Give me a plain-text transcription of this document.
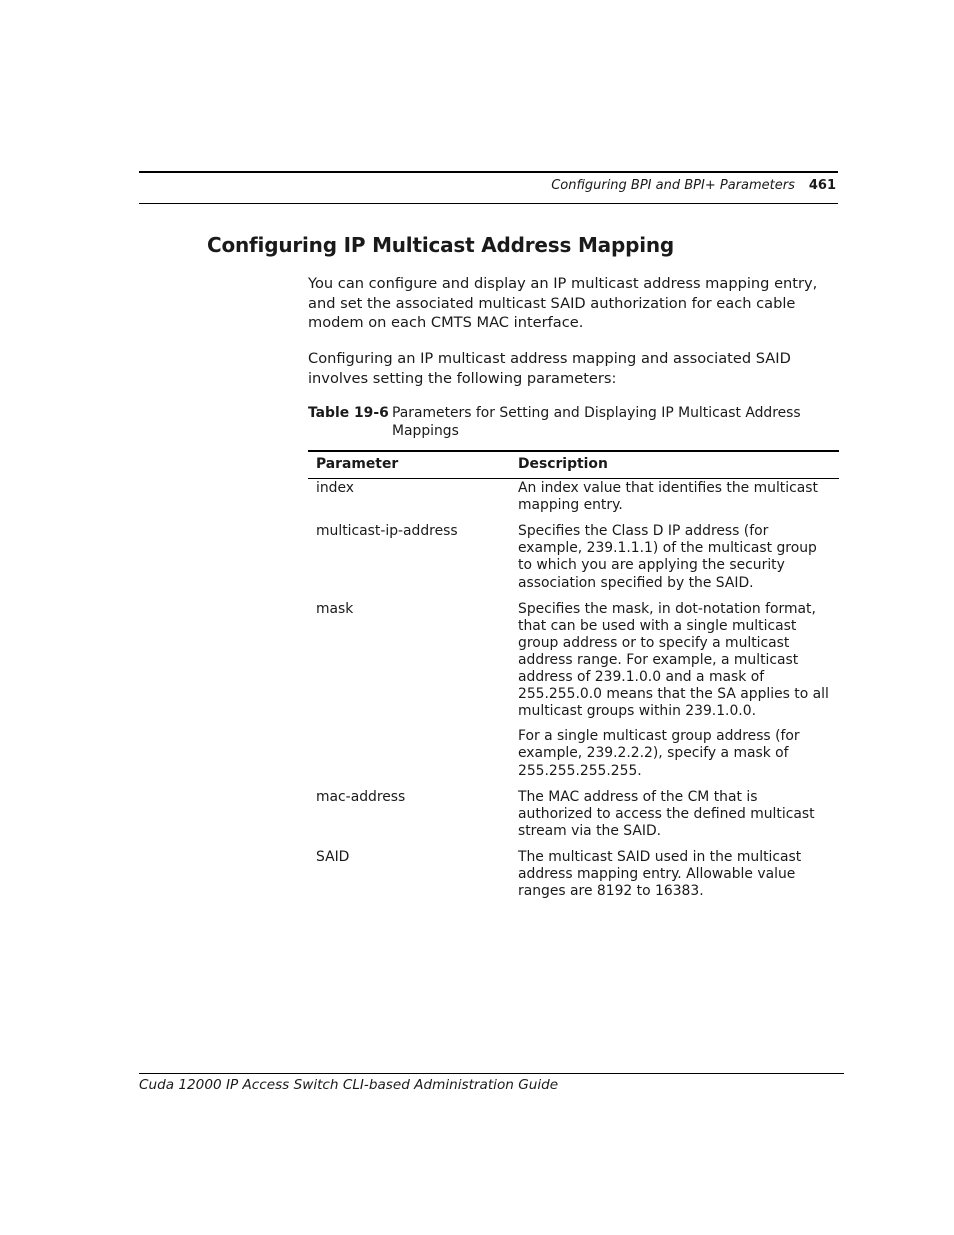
Configuring BPI and BPI+ Parameters 461
Configuring IP Multicast Address Mapping

You can configure and display an IP multicast address mapping entry, and set the associated multicast SAID authorization for each cable modem on each CMTS MAC interface.

Configuring an IP multicast address mapping and associated SAID involves setting the following parameters:

Table 19-6 Parameters for Setting and Displaying IP Multicast Address Mappings
Parameter	Description
index	An index value that identifies the multicast mapping entry.

multicast-ip-address	Specifies the Class D IP address (for example, 239.1.1.1) of the multicast group to which you are applying the security association specified by the SAID.

mask	Specifies the mask, in dot-notation format, that can be used with a single multicast group address or to specify a multicast address range. For example, a multicast address of 239.1.0.0 and a mask of 255.255.0.0 means that the SA applies to all multicast groups within 239.1.0.0.

For a single multicast group address (for example, 239.2.2.2), specify a mask of 255.255.255.255.

mac-address	The MAC address of the CM that is authorized to access the defined multicast stream via the SAID.

SAID	The multicast SAID used in the multicast address mapping entry. Allowable value ranges are 8192 to 16383.

Cuda 12000 IP Access Switch CLI-based Administration Guide
